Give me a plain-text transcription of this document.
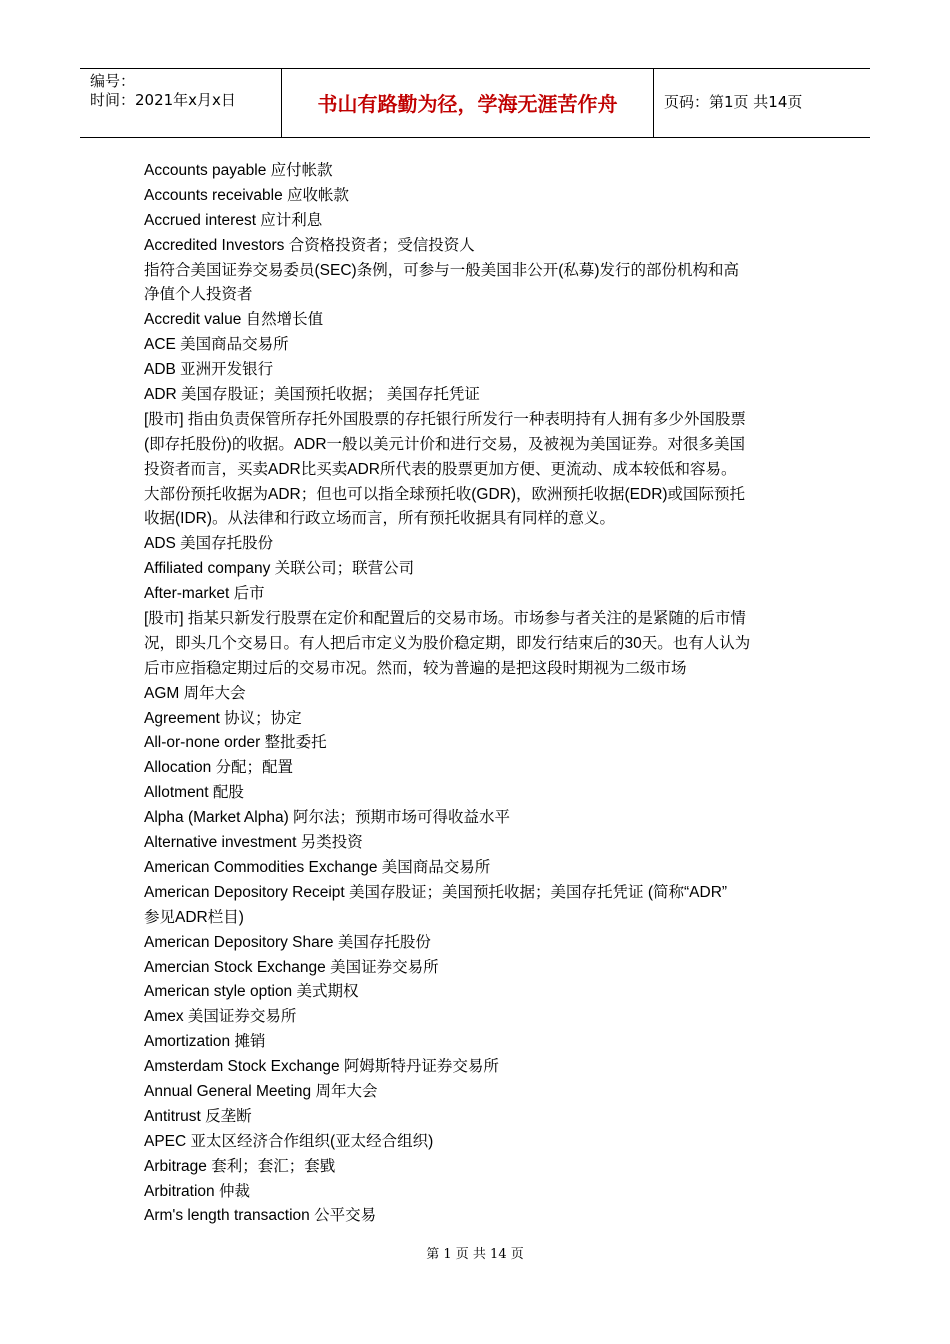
编号：
时间：2021年x月x日	书山有路勤为径，学海无涯苦作舟	页码：第1页 共14页
Accounts payable 应付帐款
Accounts receivable 应收帐款
Accrued interest 应计利息
Accredited Investors 合资格投资者；受信投资人
指符合美国证券交易委员(SEC)条例，可参与一般美国非公开(私募)发行的部份机构和高
净值个人投资者
Accredit value 自然增长值
ACE 美国商品交易所
ADB 亚洲开发银行
ADR 美国存股证；美国预托收据； 美国存托凭证
[股市] 指由负责保管所存托外国股票的存托银行所发行一种表明持有人拥有多少外国股票
(即存托股份)的收据。ADR一般以美元计价和进行交易，及被视为美国证券。对很多美国
投资者而言，买卖ADR比买卖ADR所代表的股票更加方便、更流动、成本较低和容易。
大部份预托收据为ADR；但也可以指全球预托收(GDR)，欧洲预托收据(EDR)或国际预托
收据(IDR)。从法律和行政立场而言，所有预托收据具有同样的意义。
ADS 美国存托股份
Affiliated company 关联公司；联营公司
After-market 后市
[股市] 指某只新发行股票在定价和配置后的交易市场。市场参与者关注的是紧随的后市情
况，即头几个交易日。有人把后市定义为股价稳定期，即发行结束后的30天。也有人认为
后市应指稳定期过后的交易市况。然而，较为普遍的是把这段时期视为二级市场
AGM 周年大会
Agreement 协议；协定
All-or-none order 整批委托
Allocation 分配；配置
Allotment 配股
Alpha (Market Alpha) 阿尔法；预期市场可得收益水平
Alternative investment 另类投资
American Commodities Exchange 美国商品交易所
American Depository Receipt 美国存股证；美国预托收据；美国存托凭证 (简称“ADR”
参见ADR栏目)
American Depository Share 美国存托股份
Amercian Stock Exchange 美国证券交易所
American style option 美式期权
Amex 美国证券交易所
Amortization 摊销
Amsterdam Stock Exchange 阿姆斯特丹证券交易所
Annual General Meeting 周年大会
Antitrust 反垄断
APEC 亚太区经济合作组织(亚太经合组织)
Arbitrage 套利；套汇；套戥
Arbitration 仲裁
Arm's length transaction 公平交易
第 1 页 共 14 页
